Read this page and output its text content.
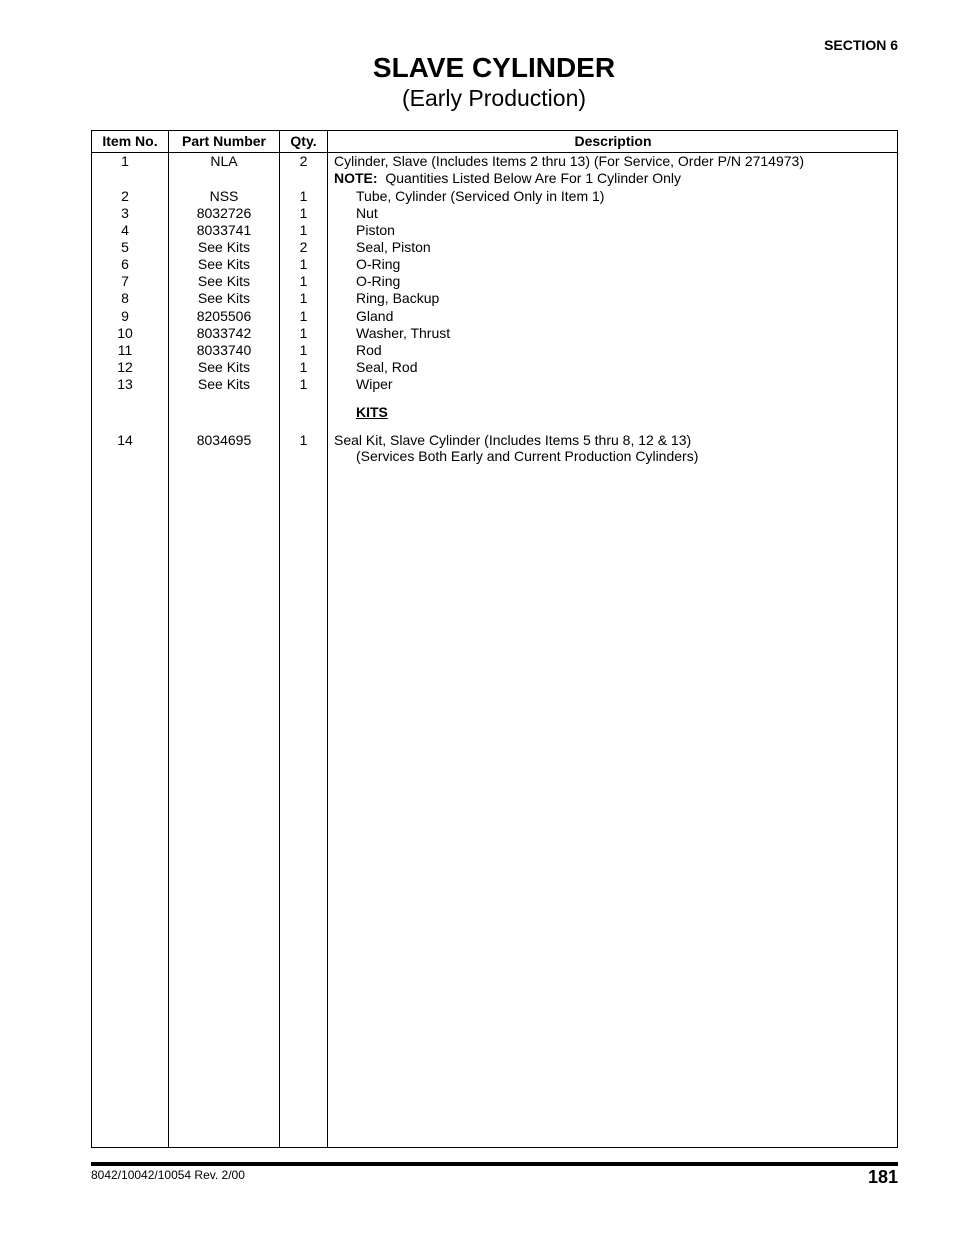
SECTION 6
SLAVE CYLINDER
(Early Production)
Item No.	Part Number	Qty.	Description
1	NLA	2	Cylinder, Slave (Includes Items 2 thru 13) (For Service, Order P/N 2714973)
NOTE: Quantities Listed Below Are For 1 Cylinder Only
2	NSS	1	Tube, Cylinder (Serviced Only in Item 1)
3	8032726	1	Nut
4	8033741	1	Piston
5	See Kits	2	Seal, Piston
6	See Kits	1	O-Ring
7	See Kits	1	O-Ring
8	See Kits	1	Ring, Backup
9	8205506	1	Gland
10	8033742	1	Washer, Thrust
11	8033740	1	Rod
12	See Kits	1	Seal, Rod
13	See Kits	1	Wiper
KITS
14	8034695	1	Seal Kit, Slave Cylinder (Includes Items 5 thru 8, 12 & 13)
(Services Both Early and Current Production Cylinders)
8042/10042/10054 Rev. 2/00	181
